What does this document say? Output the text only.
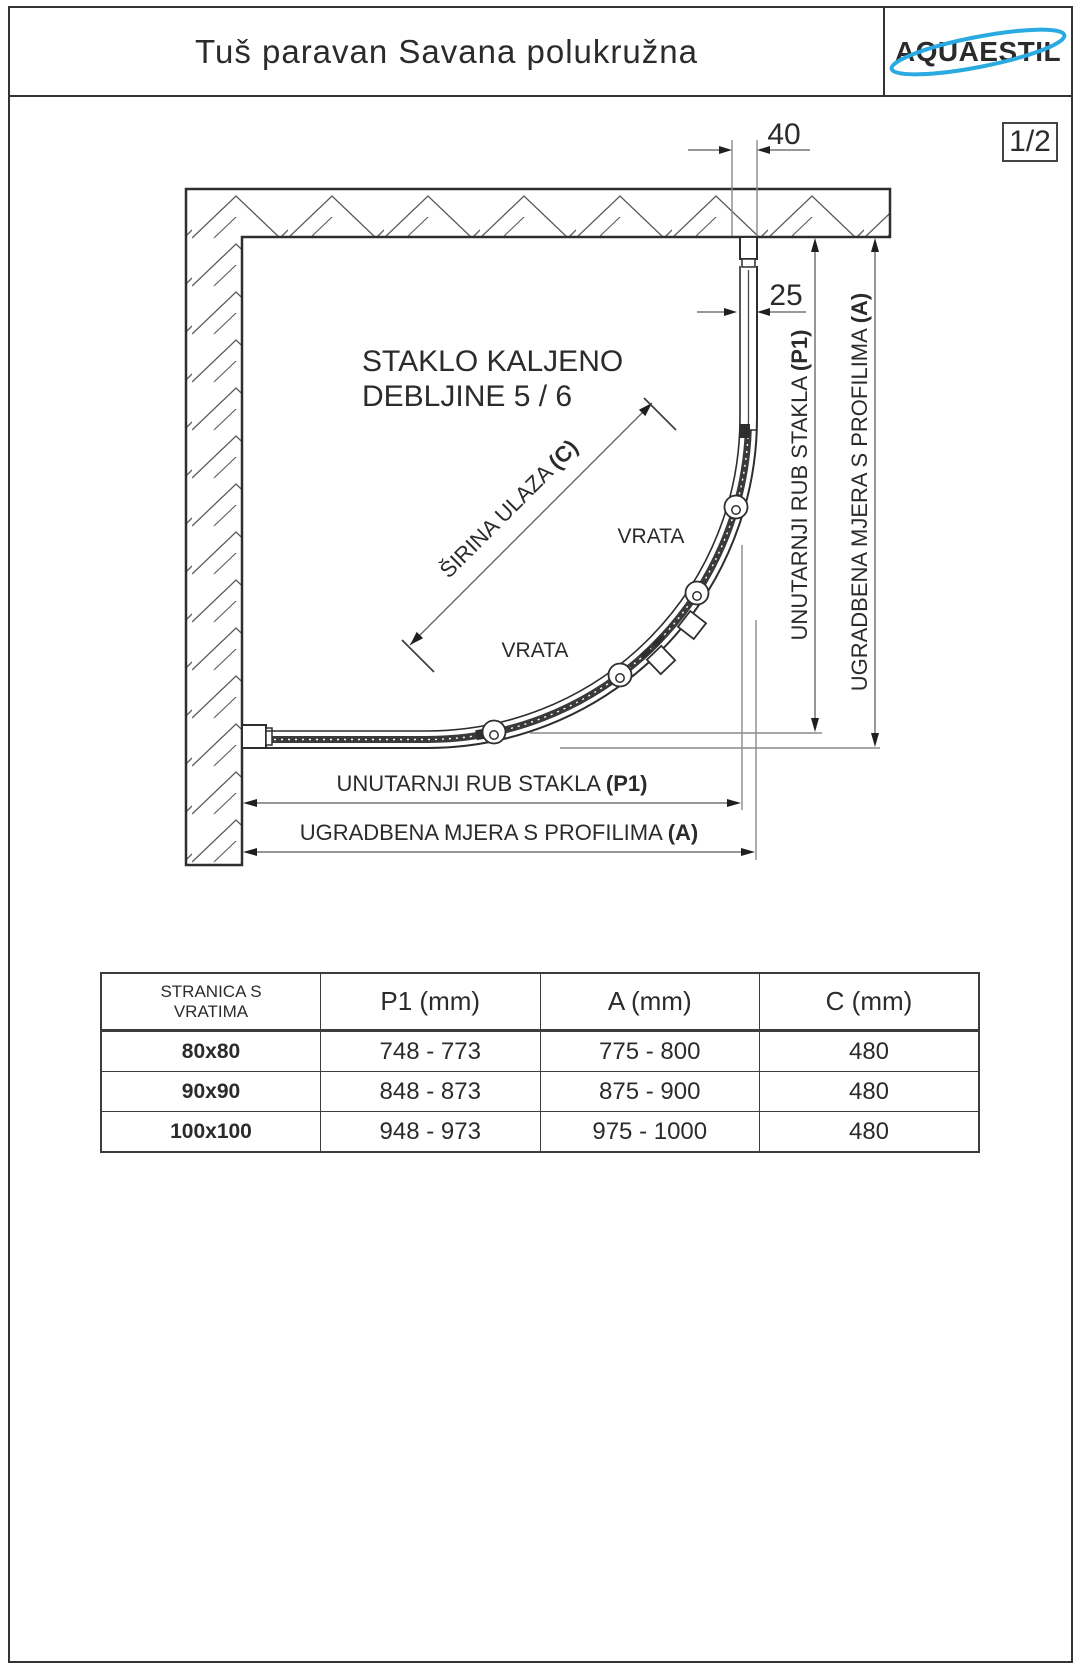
40
25
UNUTARNJI RUB STAKLA (P1) UGRADBENA MJERA S PROFILIMA (A)
UNUTARNJI RUB STAKLA (P1)
UGRADBENA MJERA S PROFILIMA (A)
ŠIRINA ULAZA (C)
STAKLO KALJENO
DEBLJINE 5 / 6
VRATA
VRATA
Tuš paravan Savana polukružna	AQUAESTIL
1/2
STRANICA S
VRATIMA	P1 (mm)	A (mm)	C (mm)
80x80	748 - 773	775 - 800	480
90x90	848 - 873	875 - 900	480
100x100	948 - 973	975 - 1000	480
